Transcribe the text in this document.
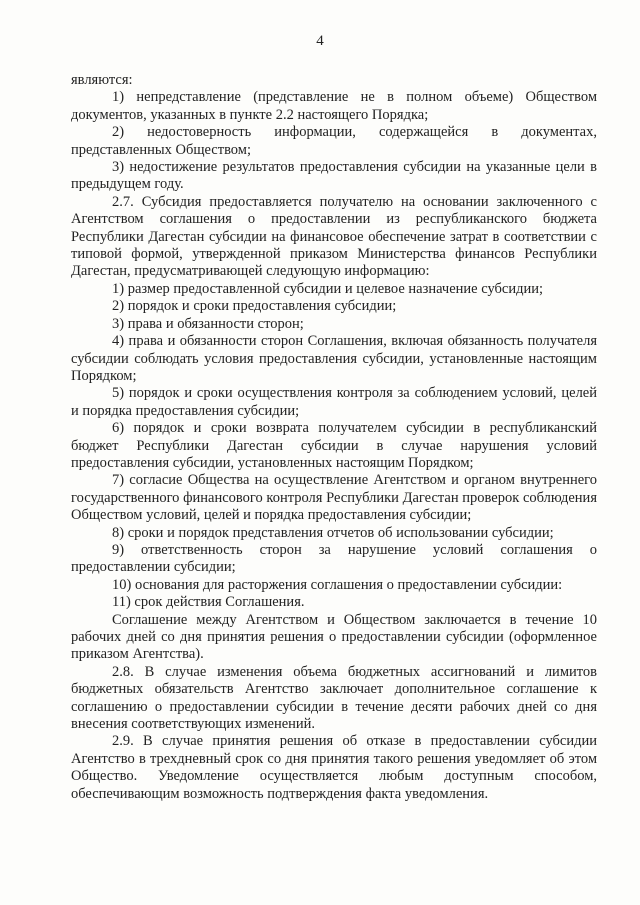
4

являются:

1) непредставление (представление не в полном объеме) Обществом документов, указанных в пункте 2.2 настоящего Порядка;

2) недостоверность информации, содержащейся в документах, представленных Обществом;

3) недостижение результатов предоставления субсидии на указанные цели в предыдущем году.

2.7. Субсидия предоставляется получателю на основании заключенного с Агентством соглашения о предоставлении из республиканского бюджета Республики Дагестан субсидии на финансовое обеспечение затрат в соответствии с типовой формой, утвержденной приказом Министерства финансов Республики Дагестан, предусматривающей следующую информацию:

1) размер предоставленной субсидии и целевое назначение субсидии;

2) порядок и сроки предоставления субсидии;

3) права и обязанности сторон;

4) права и обязанности сторон Соглашения, включая обязанность получателя субсидии соблюдать условия предоставления субсидии, установленные настоящим Порядком;

5) порядок и сроки осуществления контроля за соблюдением условий, целей и порядка предоставления субсидии;

6) порядок и сроки возврата получателем субсидии в республиканский бюджет Республики Дагестан субсидии в случае нарушения условий предоставления субсидии, установленных настоящим Порядком;

7) согласие Общества на осуществление Агентством и органом внутреннего государственного финансового контроля Республики Дагестан проверок соблюдения Обществом условий, целей и порядка предоставления субсидии;

8) сроки и порядок представления отчетов об использовании субсидии;

9) ответственность сторон за нарушение условий соглашения о предоставлении субсидии;

10) основания для расторжения соглашения о предоставлении субсидии:

11) срок действия Соглашения.

Соглашение между Агентством и Обществом заключается в течение 10 рабочих дней со дня принятия решения о предоставлении субсидии (оформленное приказом Агентства).

2.8. В случае изменения объема бюджетных ассигнований и лимитов бюджетных обязательств Агентство заключает дополнительное соглашение к соглашению о предоставлении субсидии в течение десяти рабочих дней со дня внесения соответствующих изменений.

2.9. В случае принятия решения об отказе в предоставлении субсидии Агентство в трехдневный срок со дня принятия такого решения уведомляет об этом Общество. Уведомление осуществляется любым доступным способом, обеспечивающим возможность подтверждения факта уведомления.
